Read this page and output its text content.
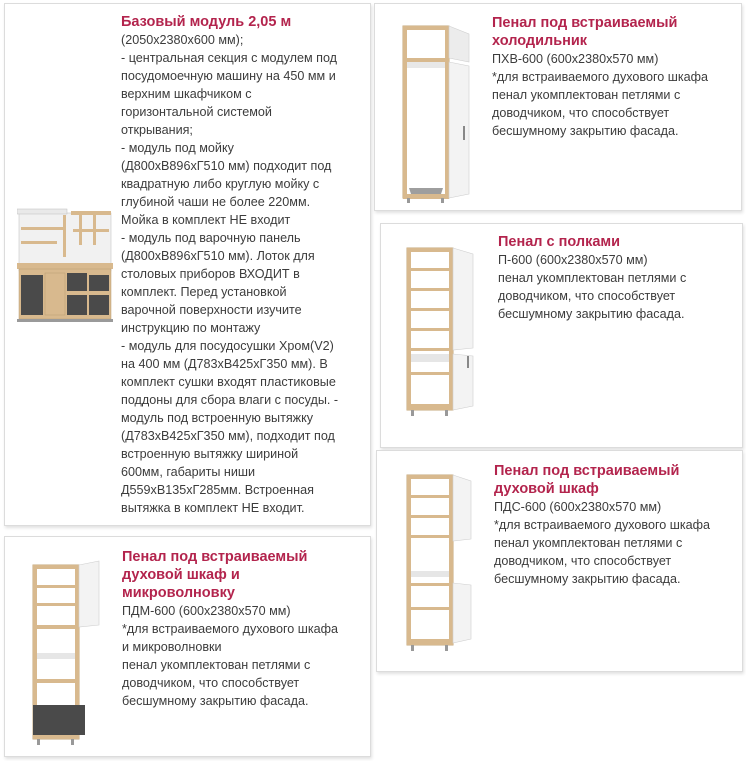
Базовый модуль 2,05 м

(2050х2380х600 мм);
- центральная секция с модулем под
посудомоечную машину на 450 мм и
верхним шкафчиком с
горизонтальной системой
открывания;
- модуль под мойку
(Д800хВ896хГ510 мм) подходит под
квадратную либо круглую мойку с
глубиной чаши не более 220мм.
Мойка в комплект НЕ входит
- модуль под варочную панель
(Д800хВ896хГ510 мм). Лоток для
столовых приборов ВХОДИТ в
комплект. Перед установкой
варочной поверхности изучите
инструкцию по монтажу
- модуль для посудосушки Хром(V2)
на 400 мм (Д783хВ425хГ350 мм). В
комплект сушки входят пластиковые
поддоны для сбора влаги с посуды. -
модуль под встроенную вытяжку
(Д783хВ425хГ350 мм), подходит под
встроенную вытяжку шириной
600мм, габариты ниши
Д559хВ135хГ285мм. Встроенная
вытяжка в комплект НЕ входит.

Пенал под встраиваемый
холодильник

ПХВ-600 (600х2380х570 мм)
*для встраиваемого духового шкафа
пенал укомплектован петлями с
доводчиком, что способствует
бесшумному закрытию фасада.

Пенал с полками

П-600 (600х2380х570 мм)
пенал укомплектован петлями с
доводчиком, что способствует
бесшумному закрытию фасада.

Пенал под встраиваемый
духовой шкаф

ПДС-600 (600х2380х570 мм)
*для встраиваемого духового шкафа
пенал укомплектован петлями с
доводчиком, что способствует
бесшумному закрытию фасада.

Пенал под встраиваемый
духовой шкаф и
микроволновку

ПДМ-600 (600х2380х570 мм)
*для встраиваемого духового шкафа
и микроволновки
пенал укомплектован петлями с
доводчиком, что способствует
бесшумному закрытию фасада.
